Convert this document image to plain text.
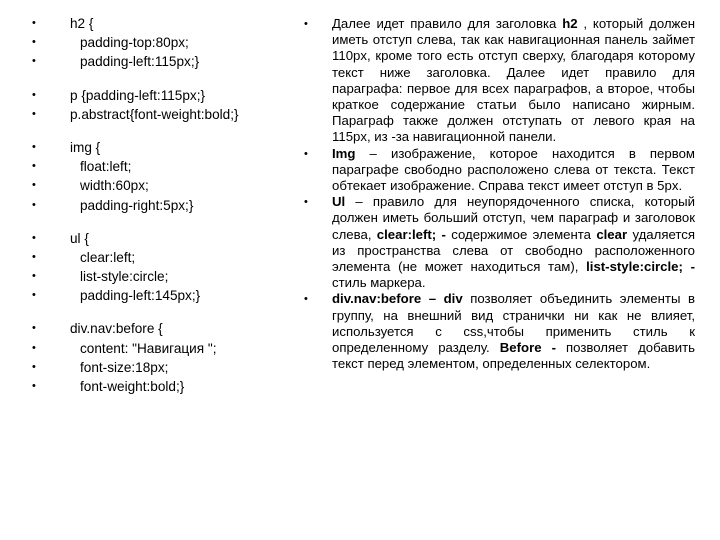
•	h2 {
•	padding-top:80px;
•	padding-left:115px;}
•	p {padding-left:115px;}
•	p.abstract{font-weight:bold;}
•	img {
•	float:left;
•	width:60px;
•	padding-right:5px;}
•	ul {
•	clear:left;
•	list-style:circle;
•	padding-left:145px;}
•	div.nav:before {
•	content: "Навигация ";
•	font-size:18px;
•	font-weight:bold;}
• Далее идет правило для заголовка h2 , который должен иметь отступ слева, так как навигационная панель займет 110px, кроме того есть отступ сверху, благодаря которому текст ниже заголовка. Далее идет правило для параграфа: первое для всех параграфов, а второе, чтобы краткое содержание статьи было написано жирным. Параграф также должен отступать от левого края на 115px, из -за навигационной панели.
• Img – изображение, которое находится в первом параграфе свободно расположено слева от текста. Текст обтекает изображение. Справа текст имеет отступ в 5px.
• Ul – правило для неупорядоченного списка, который должен иметь больший отступ, чем параграф и заголовок слева, clear:left; - содержимое элемента clear удаляется из пространства слева от свободно расположенного элемента (не может находиться там), list-style:circle; - стиль маркера.
• div.nav:before – div позволяет объединить элементы в группу, на внешний вид странички ни как не влияет, используется с css,чтобы применить стиль к определенному разделу. Before - позволяет добавить текст перед элементом, определенных селектором.
